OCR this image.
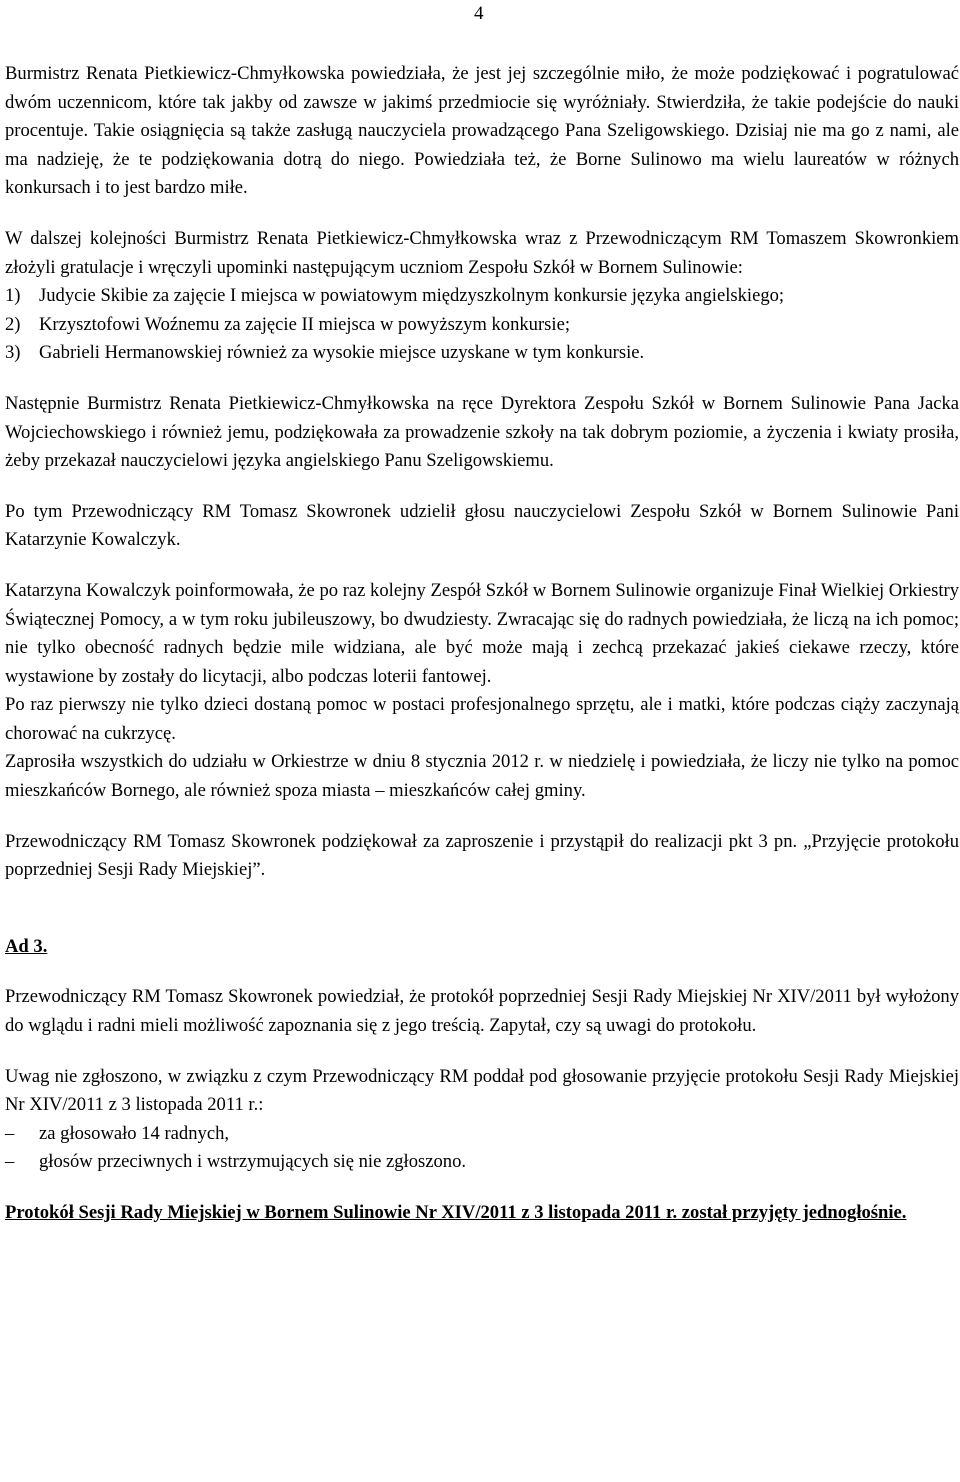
4

Burmistrz Renata Pietkiewicz-Chmyłkowska powiedziała, że jest jej szczególnie miło, że może podziękować i pogratulować dwóm uczennicom, które tak jakby od zawsze w jakimś przedmiocie się wyróżniały. Stwierdziła, że takie podejście do nauki procentuje. Takie osiągnięcia są także zasługą nauczyciela prowadzącego Pana Szeligowskiego. Dzisiaj nie ma go z nami, ale ma nadzieję, że te podziękowania dotrą do niego. Powiedziała też, że Borne Sulinowo ma wielu laureatów w różnych konkursach i to jest bardzo miłe.

W dalszej kolejności Burmistrz Renata Pietkiewicz-Chmyłkowska wraz z Przewodniczącym RM Tomaszem Skowronkiem złożyli gratulacje i wręczyli upominki następującym uczniom Zespołu Szkół w Bornem Sulinowie:

1) Judycie Skibie za zajęcie I miejsca w powiatowym międzyszkolnym konkursie języka angielskiego;
2) Krzysztofowi Woźnemu za zajęcie II miejsca w powyższym konkursie;
3) Gabrieli Hermanowskiej również za wysokie miejsce uzyskane w tym konkursie.

Następnie Burmistrz Renata Pietkiewicz-Chmyłkowska na ręce Dyrektora Zespołu Szkół w Bornem Sulinowie Pana Jacka Wojciechowskiego i również jemu, podziękowała za prowadzenie szkoły na tak dobrym poziomie, a życzenia i kwiaty prosiła, żeby przekazał nauczycielowi języka angielskiego Panu Szeligowskiemu.

Po tym Przewodniczący RM Tomasz Skowronek udzielił głosu nauczycielowi Zespołu Szkół w Bornem Sulinowie Pani Katarzynie Kowalczyk.

Katarzyna Kowalczyk poinformowała, że po raz kolejny Zespół Szkół w Bornem Sulinowie organizuje Finał Wielkiej Orkiestry Świątecznej Pomocy, a w tym roku jubileuszowy, bo dwudziesty. Zwracając się do radnych powiedziała, że liczą na ich pomoc; nie tylko obecność radnych będzie mile widziana, ale być może mają i zechcą przekazać jakieś ciekawe rzeczy, które wystawione by zostały do licytacji, albo podczas loterii fantowej.

Po raz pierwszy nie tylko dzieci dostaną pomoc w postaci profesjonalnego sprzętu, ale i matki, które podczas ciąży zaczynają chorować na cukrzycę.

Zaprosiła wszystkich do udziału w Orkiestrze w dniu 8 stycznia 2012 r. w niedzielę i powiedziała, że liczy nie tylko na pomoc mieszkańców Bornego, ale również spoza miasta – mieszkańców całej gminy.

Przewodniczący RM Tomasz Skowronek podziękował za zaproszenie i przystąpił do realizacji pkt 3 pn. „Przyjęcie protokołu poprzedniej Sesji Rady Miejskiej”.

Ad 3.

Przewodniczący RM Tomasz Skowronek powiedział, że protokół poprzedniej Sesji Rady Miejskiej Nr XIV/2011 był wyłożony do wglądu i radni mieli możliwość zapoznania się z jego treścią. Zapytał, czy są uwagi do protokołu.

Uwag nie zgłoszono, w związku z czym Przewodniczący RM poddał pod głosowanie przyjęcie protokołu Sesji Rady Miejskiej Nr XIV/2011 z 3 listopada 2011 r.:

–	za głosowało 14 radnych,
–	głosów przeciwnych i wstrzymujących się nie zgłoszono.

Protokół Sesji Rady Miejskiej w Bornem Sulinowie Nr XIV/2011 z 3 listopada 2011 r. został przyjęty jednogłośnie.
